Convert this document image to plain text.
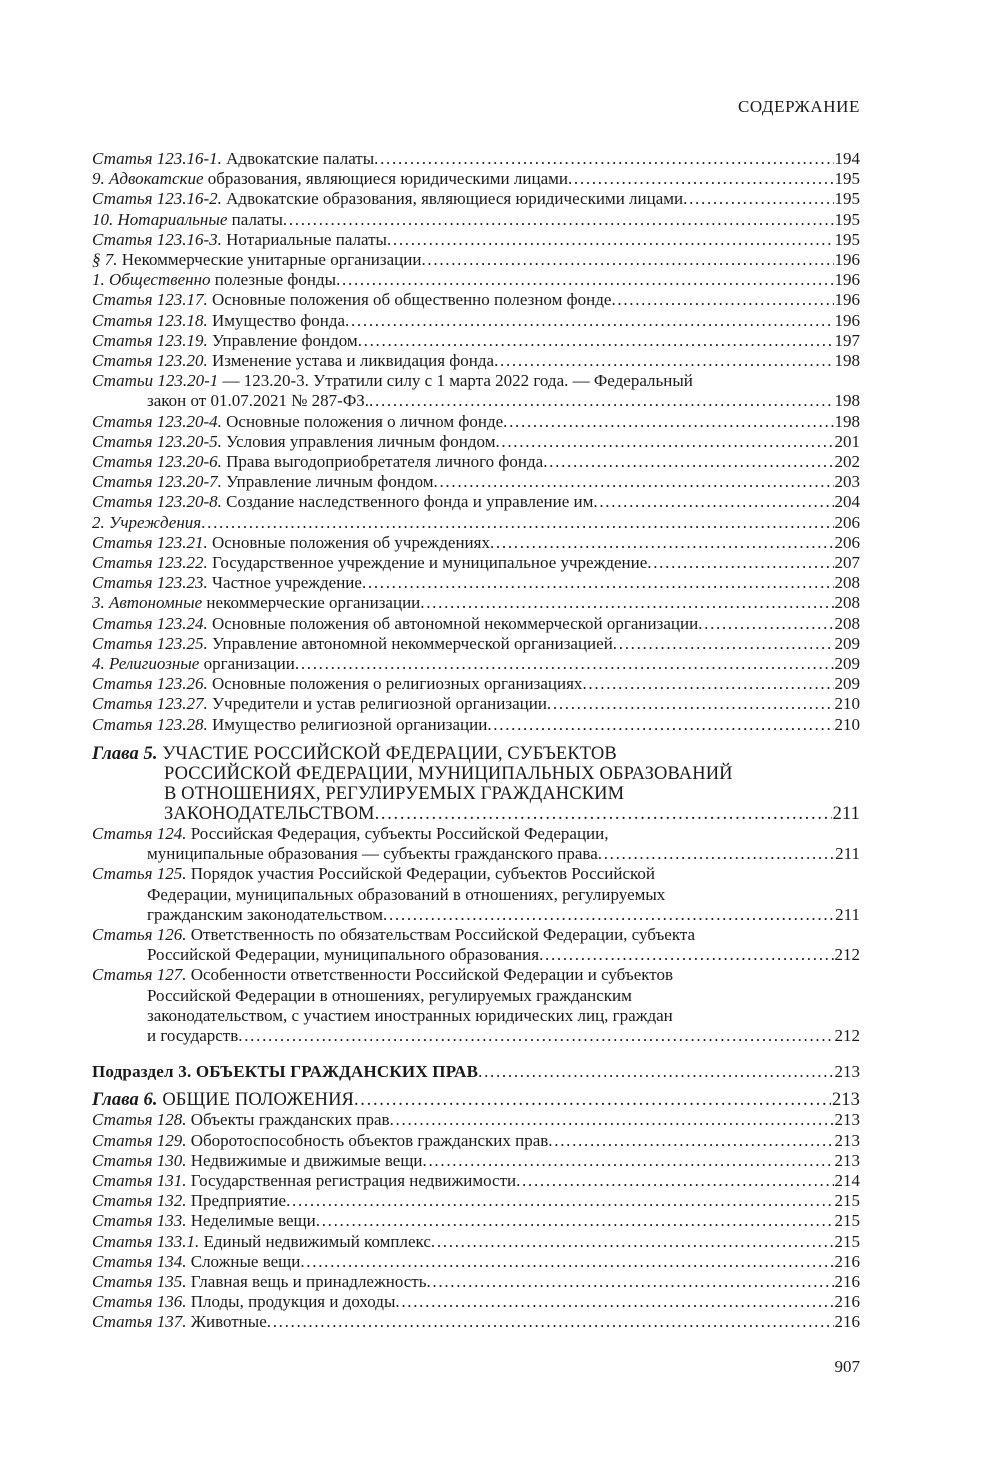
СОДЕРЖАНИЕ
Статья 123.16-1. Адвокатские палаты .....	194
9. Адвокатские образования, являющиеся юридическими лицами .....	195
Статья 123.16-2. Адвокатские образования, являющиеся юридическими лицами .....	195
10. Нотариальные палаты .....	195
Статья 123.16-3. Нотариальные палаты .....	195
§ 7. Некоммерческие унитарные организации .....	196
1. Общественно полезные фонды .....	196
Статья 123.17. Основные положения об общественно полезном фонде .....	196
Статья 123.18. Имущество фонда .....	196
Статья 123.19. Управление фондом .....	197
Статья 123.20. Изменение устава и ликвидация фонда .....	198
Статьи 123.20-1 — 123.20-3. Утратили силу с 1 марта 2022 года. — Федеральный
закон от 01.07.2021 № 287-ФЗ. .....	198
Статья 123.20-4. Основные положения о личном фонде .....	198
Статья 123.20-5. Условия управления личным фондом .....	201
Статья 123.20-6. Права выгодоприобретателя личного фонда .....	202
Статья 123.20-7. Управление личным фондом .....	203
Статья 123.20-8. Создание наследственного фонда и управление им .....	204
2. Учреждения .....	206
Статья 123.21. Основные положения об учреждениях .....	206
Статья 123.22. Государственное учреждение и муниципальное учреждение .....	207
Статья 123.23. Частное учреждение .....	208
3. Автономные некоммерческие организации .....	208
Статья 123.24. Основные положения об автономной некоммерческой организации .....	208
Статья 123.25. Управление автономной некоммерческой организацией .....	209
4. Религиозные организации .....	209
Статья 123.26. Основные положения о религиозных организациях .....	209
Статья 123.27. Учредители и устав религиозной организации .....	210
Статья 123.28. Имущество религиозной организации .....	210
Глава 5. УЧАСТИЕ РОССИЙСКОЙ ФЕДЕРАЦИИ, СУБЪЕКТОВ
РОССИЙСКОЙ ФЕДЕРАЦИИ, МУНИЦИПАЛЬНЫХ ОБРАЗОВАНИЙ
В ОТНОШЕНИЯХ, РЕГУЛИРУЕМЫХ ГРАЖДАНСКИМ
ЗАКОНОДАТЕЛЬСТВОМ .....	211
Статья 124. Российская Федерация, субъекты Российской Федерации,
муниципальные образования — субъекты гражданского права .....	211
Статья 125. Порядок участия Российской Федерации, субъектов Российской
Федерации, муниципальных образований в отношениях, регулируемых
гражданским законодательством .....	211
Статья 126. Ответственность по обязательствам Российской Федерации, субъекта
Российской Федерации, муниципального образования .....	212
Статья 127. Особенности ответственности Российской Федерации и субъектов
Российской Федерации в отношениях, регулируемых гражданским
законодательством, с участием иностранных юридических лиц, граждан
и государств .....	212
Подраздел 3. ОБЪЕКТЫ ГРАЖДАНСКИХ ПРАВ .....	213
Глава 6. ОБЩИЕ ПОЛОЖЕНИЯ .....	213
Статья 128. Объекты гражданских прав .....	213
Статья 129. Оборотоспособность объектов гражданских прав .....	213
Статья 130. Недвижимые и движимые вещи .....	213
Статья 131. Государственная регистрация недвижимости .....	214
Статья 132. Предприятие .....	215
Статья 133. Неделимые вещи .....	215
Статья 133.1. Единый недвижимый комплекс .....	215
Статья 134. Сложные вещи .....	216
Статья 135. Главная вещь и принадлежность .....	216
Статья 136. Плоды, продукция и доходы .....	216
Статья 137. Животные .....	216
907
